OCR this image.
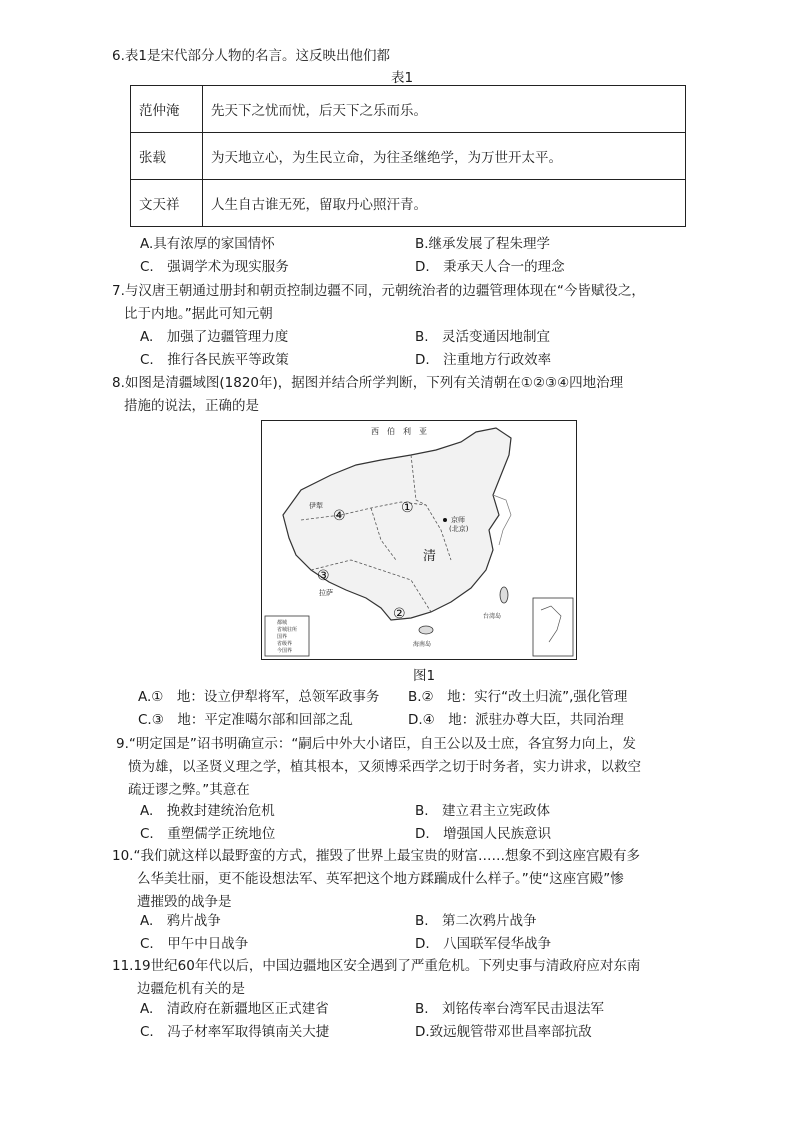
6.表1是宋代部分人物的名言。这反映出他们都
表1
范仲淹	先天下之忧而忧，后天下之乐而乐。
张载	为天地立心，为生民立命，为往圣继绝学，为万世开太平。
文天祥	人生自古谁无死，留取丹心照汗青。
A.具有浓厚的家国情怀	B.继承发展了程朱理学
C.　强调学术为现实服务	D.　秉承天人合一的理念
7.与汉唐王朝通过册封和朝贡控制边疆不同，元朝统治者的边疆管理体现在“今皆赋役之，
比于内地。”据此可知元朝
A.　加强了边疆管理力度	B.　灵活变通因地制宜
C.　推行各民族平等政策	D.　注重地方行政效率
8.如图是清疆域图(1820年)，据图并结合所学判断，下列有关清朝在①②③④四地治理
措施的说法，正确的是
西　伯　利　亚
①
②
③
④	京师
(北京)
伊犁
拉萨
清
台湾岛
海南岛
都城
省城驻所
国界
省级界
今国界
图1
A.①　地：设立伊犁将军，总领军政事务	B.②　地：实行“改土归流”,强化管理
C.③　地：平定准噶尔部和回部之乱	D.④　地：派驻办尊大臣，共同治理
9.“明定国是”诏书明确宣示：“嗣后中外大小诸臣，自王公以及士庶，各宜努力向上，发
愤为雄，以圣贤义理之学，植其根本，又须博采西学之切于时务者，实力讲求，以救空
疏迂谬之弊。”其意在
A.　挽救封建统治危机	B.　建立君主立宪政体
C.　重塑儒学正统地位	D.　增强国人民族意识
10.“我们就这样以最野蛮的方式，摧毁了世界上最宝贵的财富……想象不到这座宫殿有多
么华美壮丽，更不能设想法军、英军把这个地方蹂躏成什么样子。”使“这座宫殿”惨
遭摧毁的战争是
A.　鸦片战争	B.　第二次鸦片战争
C.　甲午中日战争	D.　八国联军侵华战争
11.19世纪60年代以后，中国边疆地区安全遇到了严重危机。下列史事与清政府应对东南
边疆危机有关的是
A.　清政府在新疆地区正式建省	B.　刘铭传率台湾军民击退法军
C.　冯子材率军取得镇南关大捷	D.致远舰管带邓世昌率部抗敌
